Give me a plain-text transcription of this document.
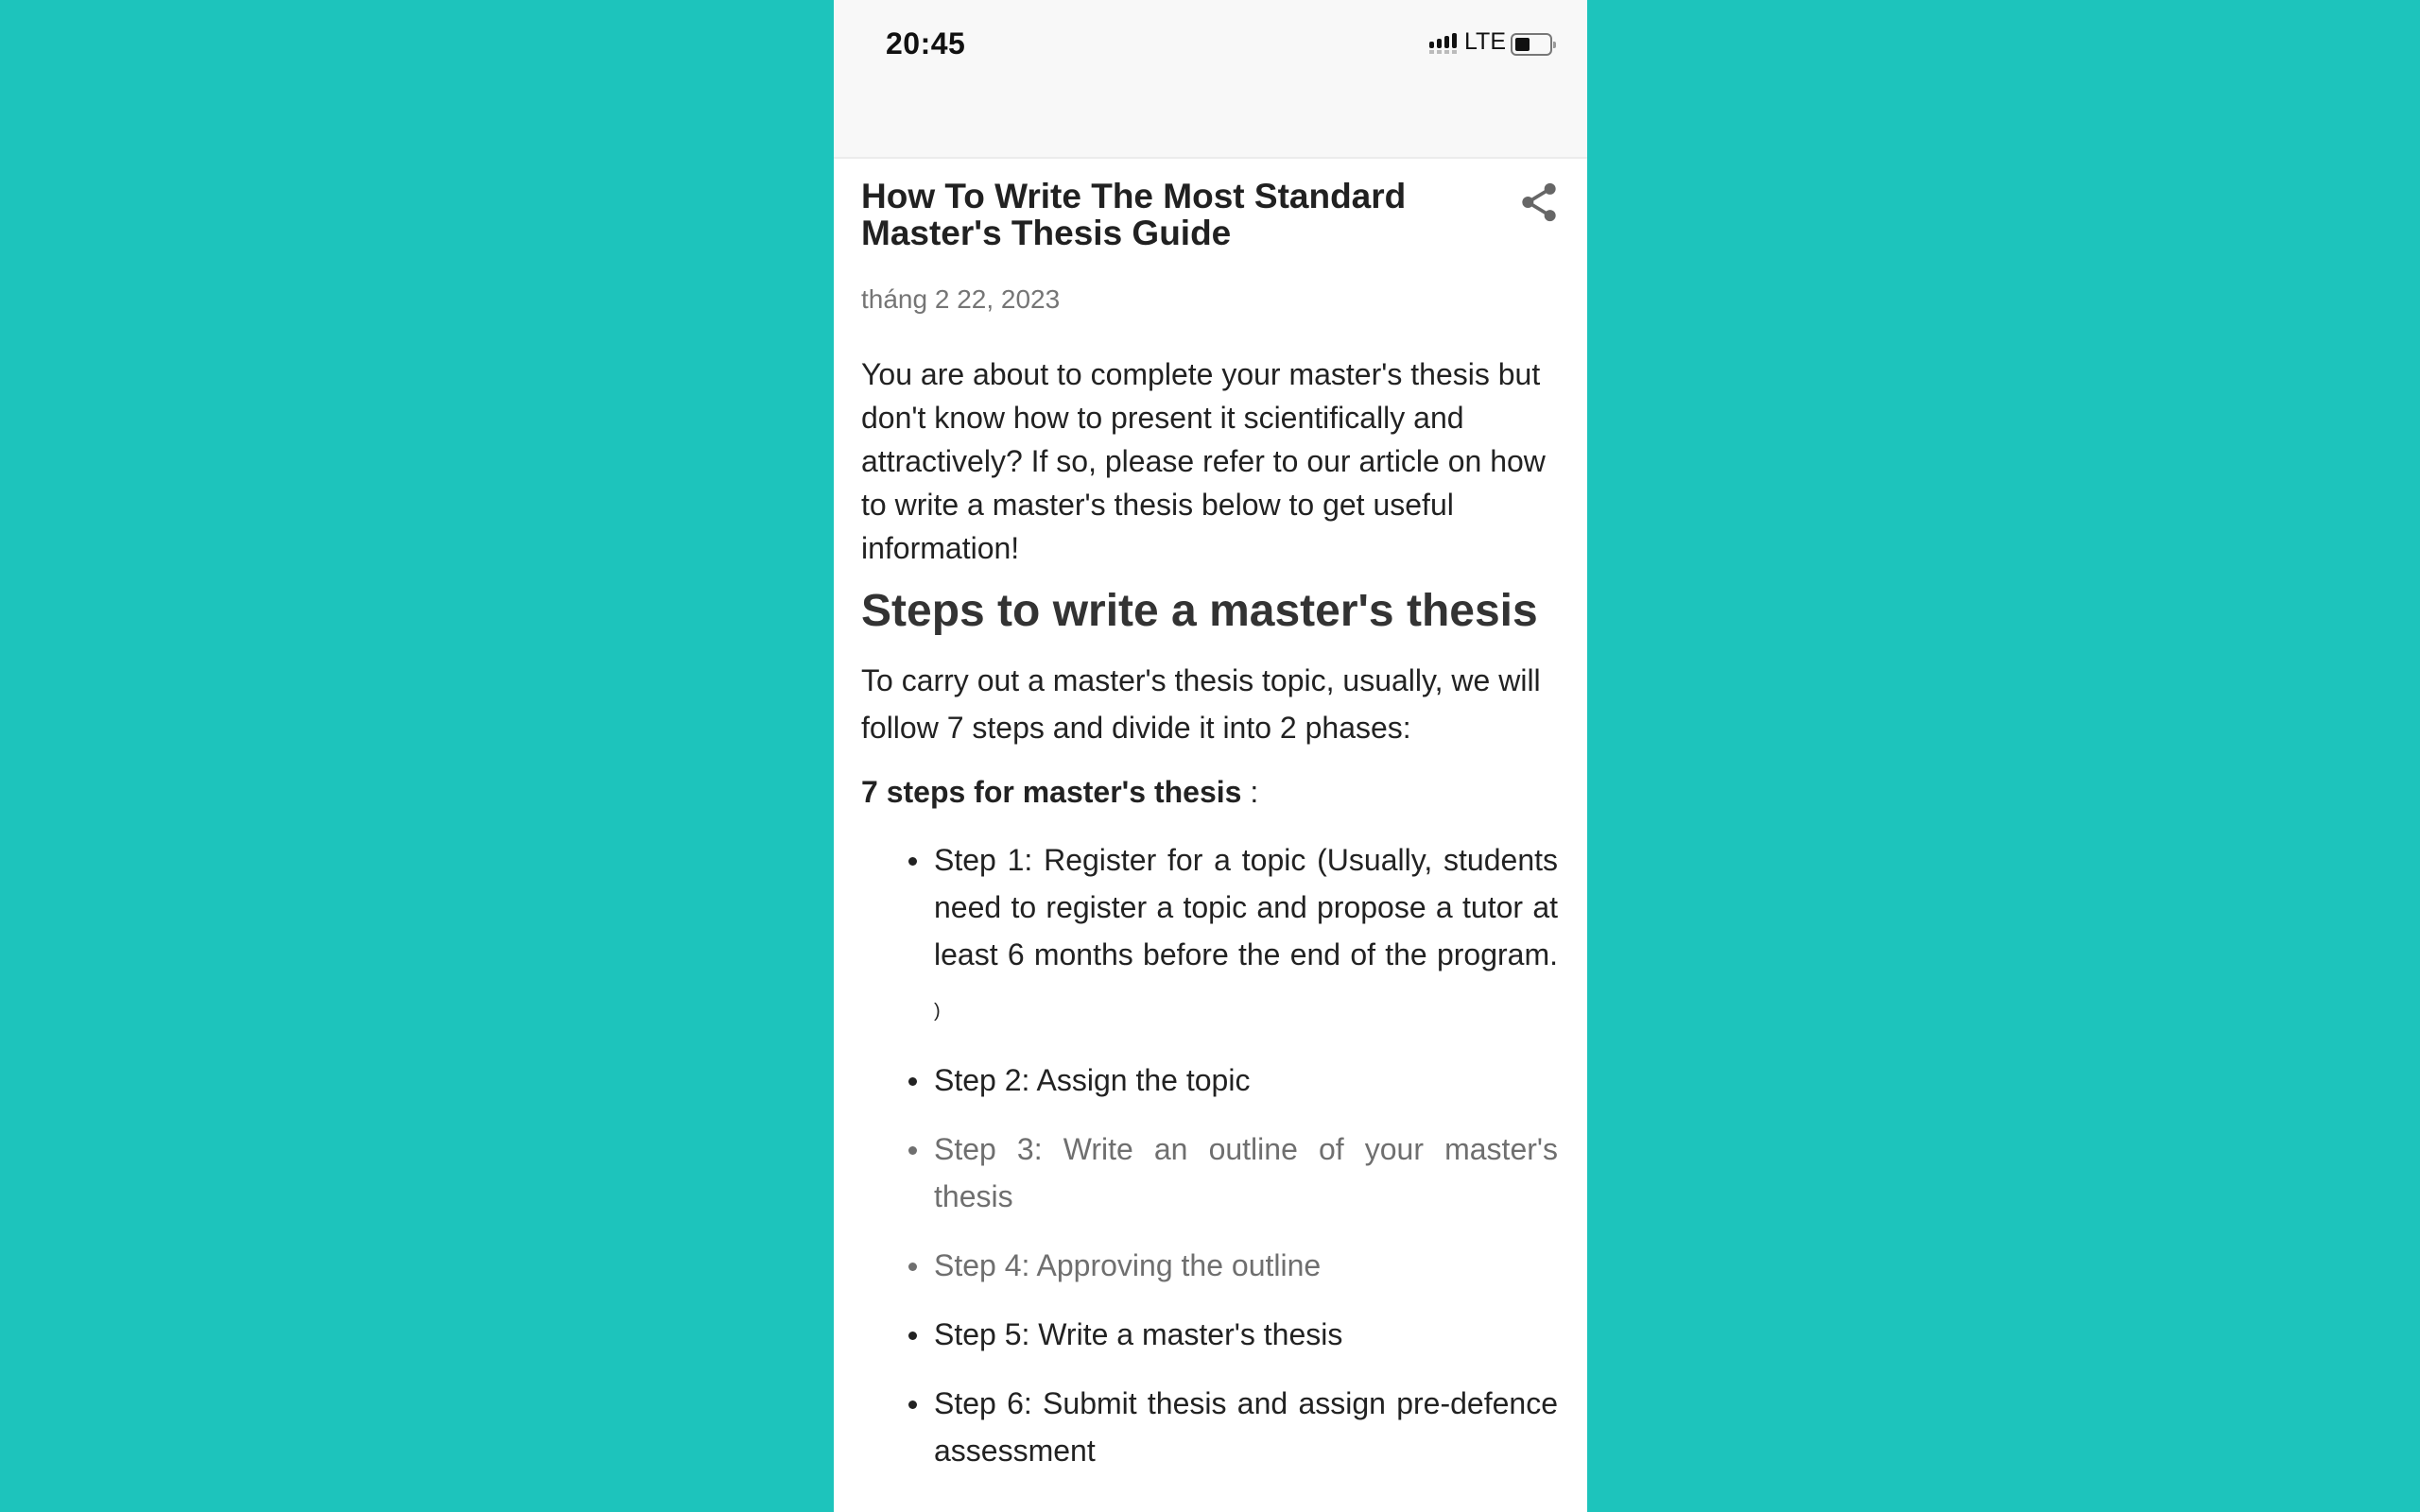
20:45	LTE
How To Write The Most Standard Master's Thesis Guide
tháng 2 22, 2023

You are about to complete your master's thesis but don't know how to present it scientifically and attractively? If so, please refer to our article on how to write a master's thesis below to get useful information!

Steps to write a master's thesis

To carry out a master's thesis topic, usually, we will follow 7 steps and divide it into 2 phases:

7 steps for master's thesis :

Step 1: Register for a topic (Usually, students need to register a topic and propose a tutor at least 6 months before the end of the program. )
Step 2: Assign the topic
Step 3: Write an outline of your master's thesis
Step 4: Approving the outline
Step 5: Write a master's thesis
Step 6: Submit thesis and assign pre-defence assessment
